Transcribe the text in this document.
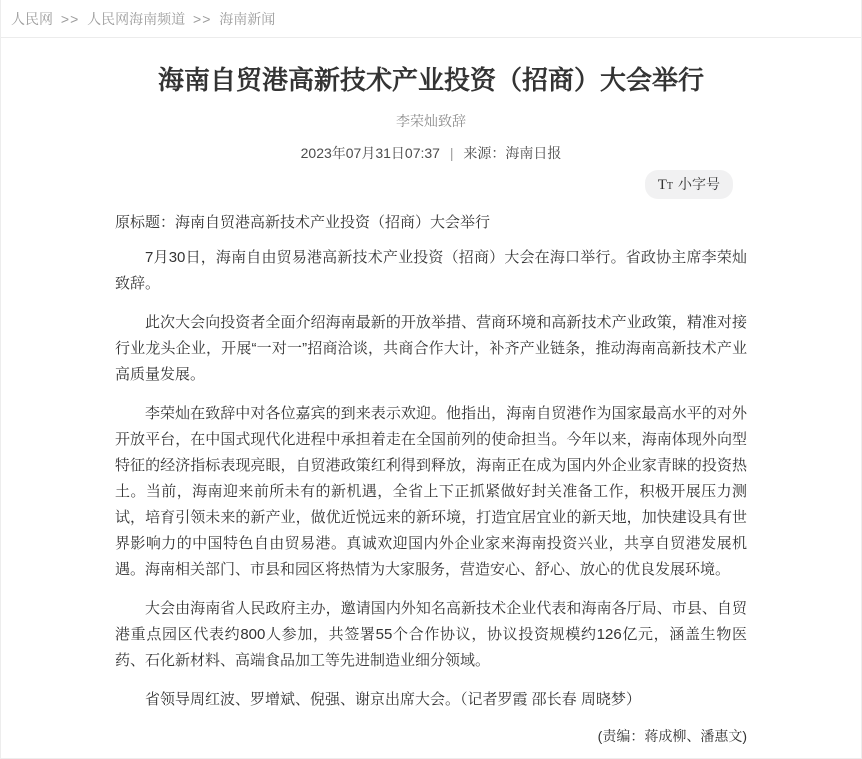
人民网 >> 人民网海南频道 >> 海南新闻
海南自贸港高新技术产业投资（招商）大会举行
李荣灿致辞
2023年07月31日07:37 | 来源：海南日报
T T 小字号
原标题：海南自贸港高新技术产业投资（招商）大会举行

7月30日，海南自由贸易港高新技术产业投资（招商）大会在海口举行。省政协主席李荣灿致辞。

此次大会向投资者全面介绍海南最新的开放举措、营商环境和高新技术产业政策，精准对接行业龙头企业，开展“一对一”招商洽谈，共商合作大计，补齐产业链条，推动海南高新技术产业高质量发展。

李荣灿在致辞中对各位嘉宾的到来表示欢迎。他指出，海南自贸港作为国家最高水平的对外开放平台，在中国式现代化进程中承担着走在全国前列的使命担当。今年以来，海南体现外向型特征的经济指标表现亮眼，自贸港政策红利得到释放，海南正在成为国内外企业家青睐的投资热土。当前，海南迎来前所未有的新机遇，全省上下正抓紧做好封关准备工作，积极开展压力测试，培育引领未来的新产业，做优近悦远来的新环境，打造宜居宜业的新天地，加快建设具有世界影响力的中国特色自由贸易港。真诚欢迎国内外企业家来海南投资兴业，共享自贸港发展机遇。海南相关部门、市县和园区将热情为大家服务，营造安心、舒心、放心的优良发展环境。

大会由海南省人民政府主办，邀请国内外知名高新技术企业代表和海南各厅局、市县、自贸港重点园区代表约800人参加，共签署55个合作协议，协议投资规模约126亿元，涵盖生物医药、石化新材料、高端食品加工等先进制造业细分领域。

省领导周红波、罗增斌、倪强、谢京出席大会。（记者罗霞 邵长春 周晓梦）

(责编：蒋成柳、潘惠文)
